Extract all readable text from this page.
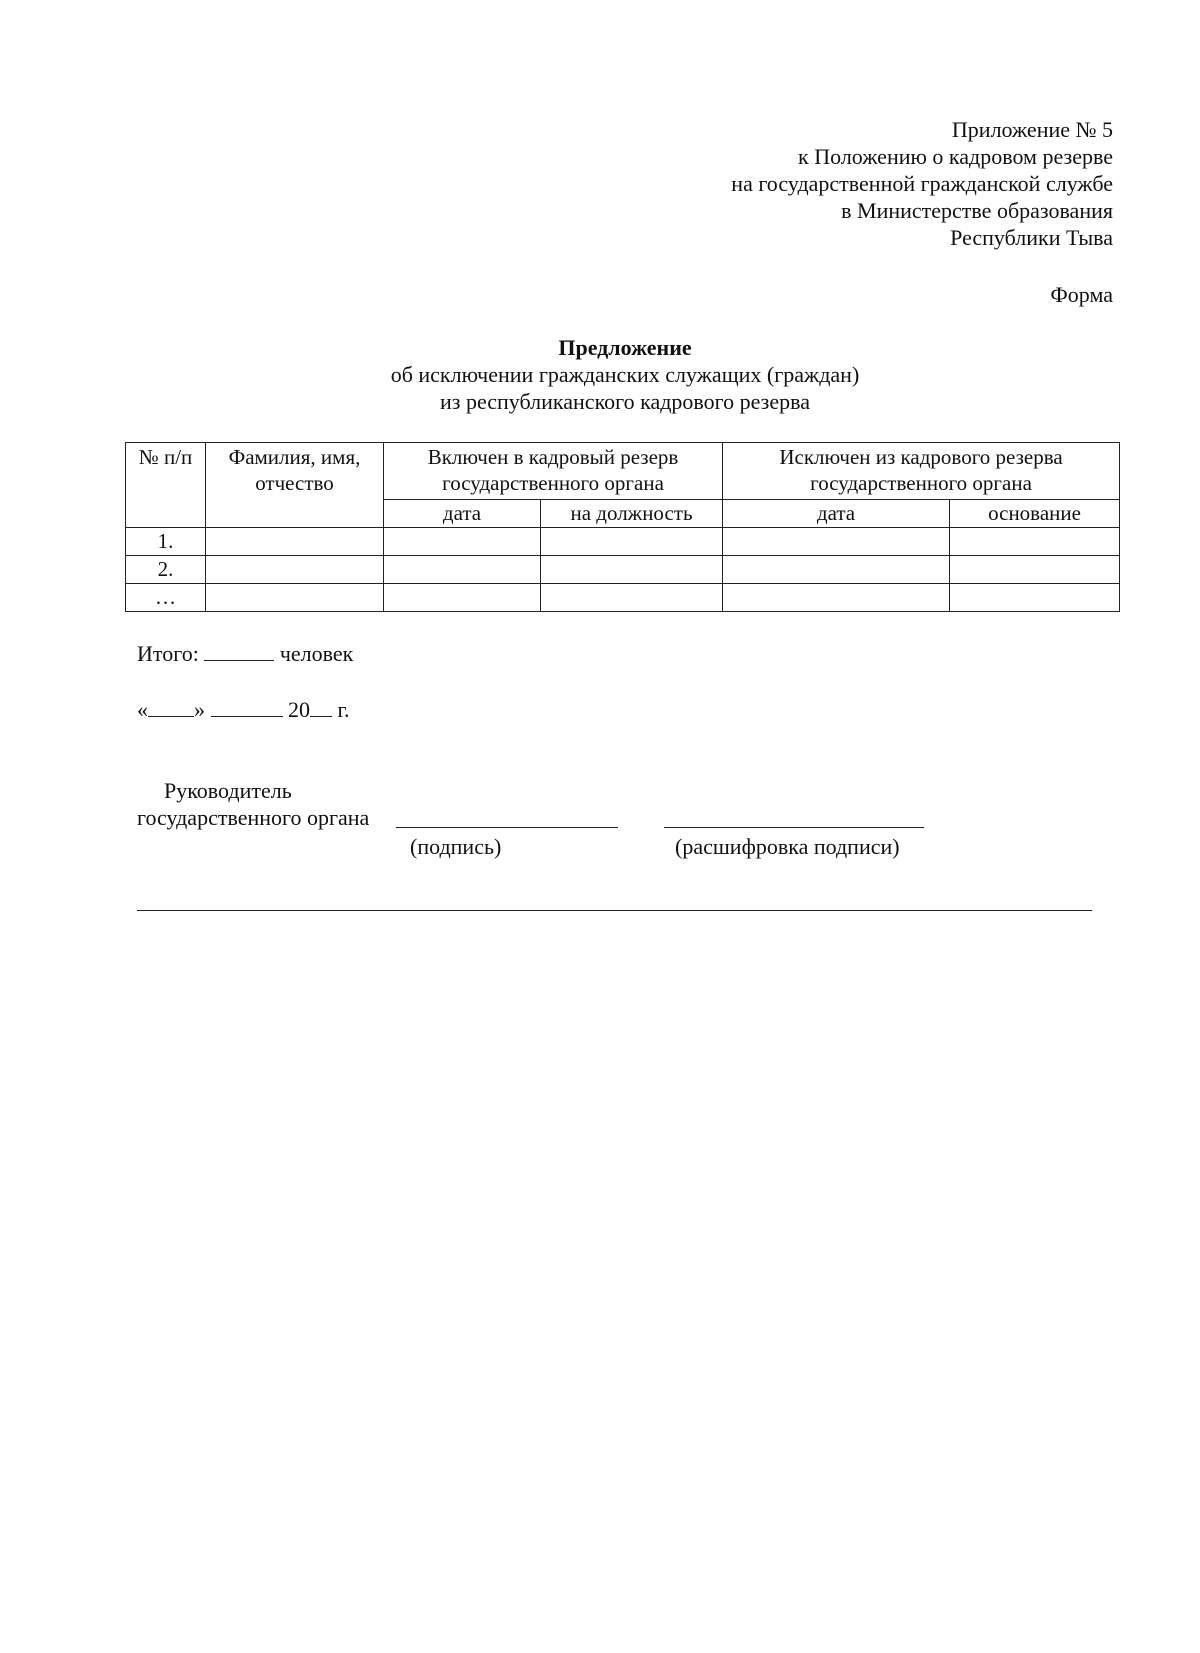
Приложение № 5
к Положению о кадровом резерве
на государственной гражданской службе
в Министерстве образования
Республики Тыва
Форма
Предложение
об исключении гражданских служащих (граждан)
из республиканского кадрового резерва
№ п/п	Фамилия, имя, отчество	Включен в кадровый резерв государственного органа		Исключен из кадрового резерва государственного органа	
		дата	на должность	дата	основание
1.					
2.					
…					
Итого:	человек
« »	20 г.
Руководитель
государственного органа
(подпись)	(расшифровка подписи)
